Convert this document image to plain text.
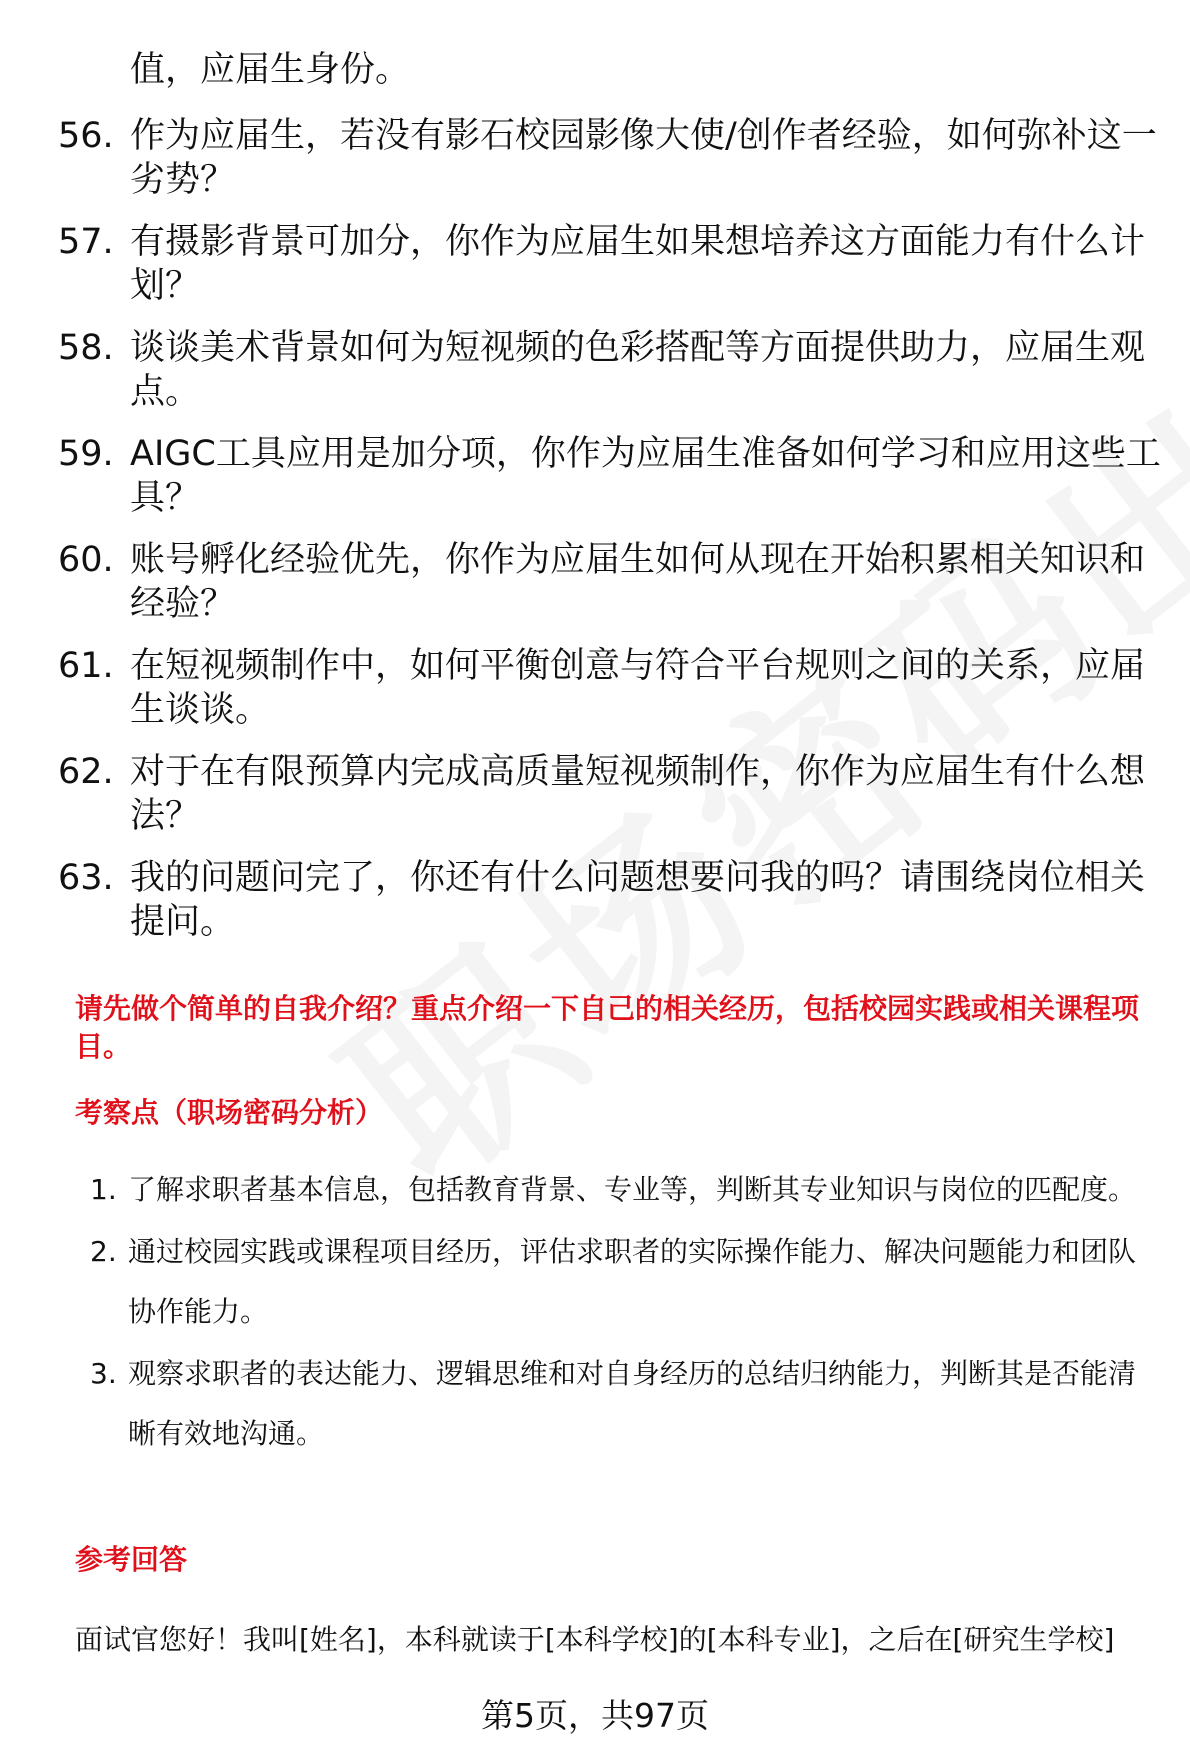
值，应届生身份。
56. 作为应届生，若没有影石校园影像大使/创作者经验，如何弥补这一劣势？
57. 有摄影背景可加分，你作为应届生如果想培养这方面能力有什么计划？
58. 谈谈美术背景如何为短视频的色彩搭配等方面提供助力，应届生观点。
59. AIGC工具应用是加分项，你作为应届生准备如何学习和应用这些工具？
60. 账号孵化经验优先，你作为应届生如何从现在开始积累相关知识和经验？
61. 在短视频制作中，如何平衡创意与符合平台规则之间的关系，应届生谈谈。
62. 对于在有限预算内完成高质量短视频制作，你作为应届生有什么想法？
63. 我的问题问完了，你还有什么问题想要问我的吗？请围绕岗位相关提问。
请先做个简单的自我介绍？重点介绍一下自己的相关经历，包括校园实践或相关课程项目。
考察点（职场密码分析）
1. 了解求职者基本信息，包括教育背景、专业等，判断其专业知识与岗位的匹配度。
2. 通过校园实践或课程项目经历，评估求职者的实际操作能力、解决问题能力和团队协作能力。
3. 观察求职者的表达能力、逻辑思维和对自身经历的总结归纳能力，判断其是否能清晰有效地沟通。
参考回答
面试官您好！我叫[姓名]，本科就读于[本科学校]的[本科专业]，之后在[研究生学校]
第5页，共97页
